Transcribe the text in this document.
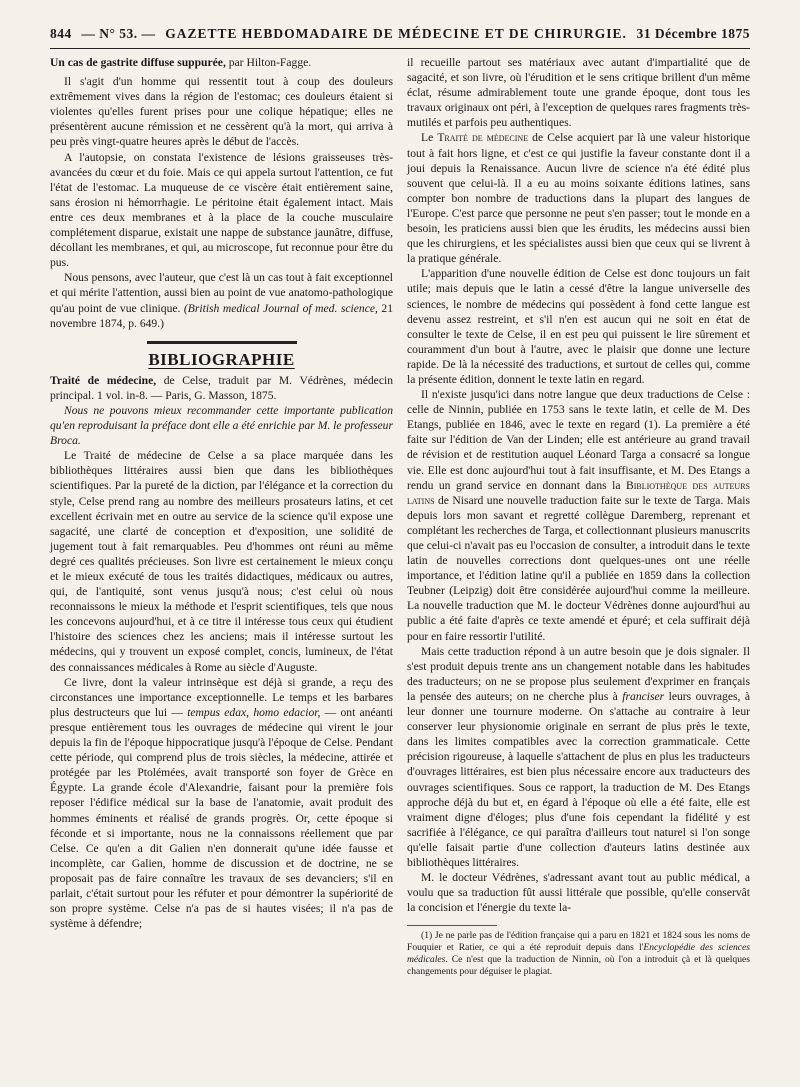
844 — N° 53. — GAZETTE HEBDOMADAIRE DE MÉDECINE ET DE CHIRURGIE. 31 Décembre 1875

Un cas de gastrite diffuse suppurée, par Hilton-Fagge.

Il s'agit d'un homme qui ressentit tout à coup des douleurs extrêmement vives dans la région de l'estomac; ces douleurs étaient si violentes qu'elles furent prises pour une colique hépatique; elles ne présentèrent aucune rémission et ne cessèrent qu'à la mort, qui arriva à peu près vingt-quatre heures après le début de l'accès.

A l'autopsie, on constata l'existence de lésions graisseuses très-avancées du cœur et du foie. Mais ce qui appela surtout l'attention, ce fut l'état de l'estomac. La muqueuse de ce viscère était entièrement saine, sans érosion ni hémorrhagie. Le péritoine était également intact. Mais entre ces deux membranes et à la place de la couche musculaire complétement disparue, existait une nappe de substance jaunâtre, diffuse, décollant les membranes, et qui, au microscope, fut reconnue pour être du pus.

Nous pensons, avec l'auteur, que c'est là un cas tout à fait exceptionnel et qui mérite l'attention, aussi bien au point de vue anatomo-pathologique qu'au point de vue clinique. (British medical Journal of med. science, 21 novembre 1874, p. 649.)

BIBLIOGRAPHIE

Traité de médecine, de Celse, traduit par M. Védrènes, médecin principal. 1 vol. in-8. — Paris, G. Masson, 1875.

Nous ne pouvons mieux recommander cette importante publication qu'en reproduisant la préface dont elle a été enrichie par M. le professeur Broca.

Le Traité de médecine de Celse a sa place marquée dans les bibliothèques littéraires aussi bien que dans les bibliothèques scientifiques. Par la pureté de la diction, par l'élégance et la correction du style, Celse prend rang au nombre des meilleurs prosateurs latins, et cet excellent écrivain met en outre au service de la science qu'il expose une sagacité, une clarté de conception et d'exposition, une solidité de jugement tout à fait remarquables. Peu d'hommes ont réuni au même degré ces qualités précieuses. Son livre est certainement le mieux conçu et le mieux exécuté de tous les traités didactiques, médicaux ou autres, qui, de l'antiquité, sont venus jusqu'à nous; c'est celui où nous reconnaissons le mieux la méthode et l'esprit scientifiques, tels que nous les concevons aujourd'hui, et à ce titre il intéresse tous ceux qui étudient l'histoire des sciences chez les anciens; mais il intéresse surtout les médecins, qui y trouvent un exposé complet, concis, lumineux, de l'état des connaissances médicales à Rome au siècle d'Auguste.

Ce livre, dont la valeur intrinsèque est déjà si grande, a reçu des circonstances une importance exceptionnelle. Le temps et les barbares plus destructeurs que lui — tempus edax, homo edacior, — ont anéanti presque entièrement tous les ouvrages de médecine qui virent le jour depuis la fin de l'époque hippocratique jusqu'à l'époque de Celse. Pendant cette période, qui comprend plus de trois siècles, la médecine, attirée et protégée par les Ptolémées, avait transporté son foyer de Grèce en Égypte. La grande école d'Alexandrie, faisant pour la première fois reposer l'édifice médical sur la base de l'anatomie, avait produit des hommes éminents et réalisé de grands progrès. Or, cette époque si féconde et si importante, nous ne la connaissons réellement que par Celse. Ce qu'en a dit Galien n'en donnerait qu'une idée fausse et incomplète, car Galien, homme de discussion et de doctrine, ne se proposait pas de faire connaître les travaux de ses devanciers; s'il en parlait, c'était surtout pour les réfuter et pour démontrer la supériorité de son propre système. Celse n'a pas de si hautes visées; il n'a pas de système à défendre;

il recueille partout ses matériaux avec autant d'impartialité que de sagacité, et son livre, où l'érudition et le sens critique brillent d'un même éclat, résume admirablement toute une grande époque, dont tous les travaux originaux ont péri, à l'exception de quelques rares fragments très-mutilés et parfois peu authentiques.

Le Traité de médecine de Celse acquiert par là une valeur historique tout à fait hors ligne, et c'est ce qui justifie la faveur constante dont il a joui depuis la Renaissance. Aucun livre de science n'a été édité plus souvent que celui-là. Il a eu au moins soixante éditions latines, sans compter bon nombre de traductions dans la plupart des langues de l'Europe. C'est parce que personne ne peut s'en passer; tout le monde en a besoin, les praticiens aussi bien que les érudits, les médecins aussi bien que les chirurgiens, et les spécialistes aussi bien que ceux qui se livrent à la pratique générale.

L'apparition d'une nouvelle édition de Celse est donc toujours un fait utile; mais depuis que le latin a cessé d'être la langue universelle des sciences, le nombre de médecins qui possèdent à fond cette langue est devenu assez restreint, et s'il n'en est aucun qui ne soit en état de consulter le texte de Celse, il en est peu qui puissent le lire sûrement et couramment d'un bout à l'autre, avec le plaisir que donne une lecture rapide. De là la nécessité des traductions, et surtout de celles qui, comme la présente édition, donnent le texte latin en regard.

Il n'existe jusqu'ici dans notre langue que deux traductions de Celse : celle de Ninnin, publiée en 1753 sans le texte latin, et celle de M. Des Etangs, publiée en 1846, avec le texte en regard (1). La première a été faite sur l'édition de Van der Linden; elle est antérieure au grand travail de révision et de restitution auquel Léonard Targa a consacré sa longue vie. Elle est donc aujourd'hui tout à fait insuffisante, et M. Des Etangs a rendu un grand service en donnant dans la Bibliothèque des auteurs latins de Nisard une nouvelle traduction faite sur le texte de Targa. Mais depuis lors mon savant et regretté collègue Daremberg, reprenant et complétant les recherches de Targa, et collectionnant plusieurs manuscrits que celui-ci n'avait pas eu l'occasion de consulter, a introduit dans le texte latin de nouvelles corrections dont quelques-unes ont une réelle importance, et l'édition latine qu'il a publiée en 1859 dans la collection Teubner (Leipzig) doit être considérée aujourd'hui comme la meilleure. La nouvelle traduction que M. le docteur Védrènes donne aujourd'hui au public a été faite d'après ce texte amendé et épuré; et cela suffirait déjà pour en faire ressortir l'utilité.

Mais cette traduction répond à un autre besoin que je dois signaler. Il s'est produit depuis trente ans un changement notable dans les habitudes des traducteurs; on ne se propose plus seulement d'exprimer en français la pensée des auteurs; on ne cherche plus à franciser leurs ouvrages, à leur donner une tournure moderne. On s'attache au contraire à leur conserver leur physionomie originale en serrant de plus près le texte, dans les limites compatibles avec la correction grammaticale. Cette précision rigoureuse, à laquelle s'attachent de plus en plus les traducteurs d'ouvrages littéraires, est bien plus nécessaire encore aux traducteurs des ouvrages scientifiques. Sous ce rapport, la traduction de M. Des Etangs approche déjà du but et, en égard à l'époque où elle a été faite, elle est vraiment digne d'éloges; plus d'une fois cependant la fidélité y est sacrifiée à l'élégance, ce qui paraîtra d'ailleurs tout naturel si l'on songe qu'elle faisait partie d'une collection d'auteurs latins destinée aux bibliothèques littéraires.

M. le docteur Védrènes, s'adressant avant tout au public médical, a voulu que sa traduction fût aussi littérale que possible, qu'elle conservât la concision et l'énergie du texte la-

(1) Je ne parle pas de l'édition française qui a paru en 1821 et 1824 sous les noms de Fouquier et Ratier, ce qui a été reproduit depuis dans l'Encyclopédie des sciences médicales. Ce n'est que la traduction de Ninnin, où l'on a introduit çà et là quelques changements pour déguiser le plagiat.
